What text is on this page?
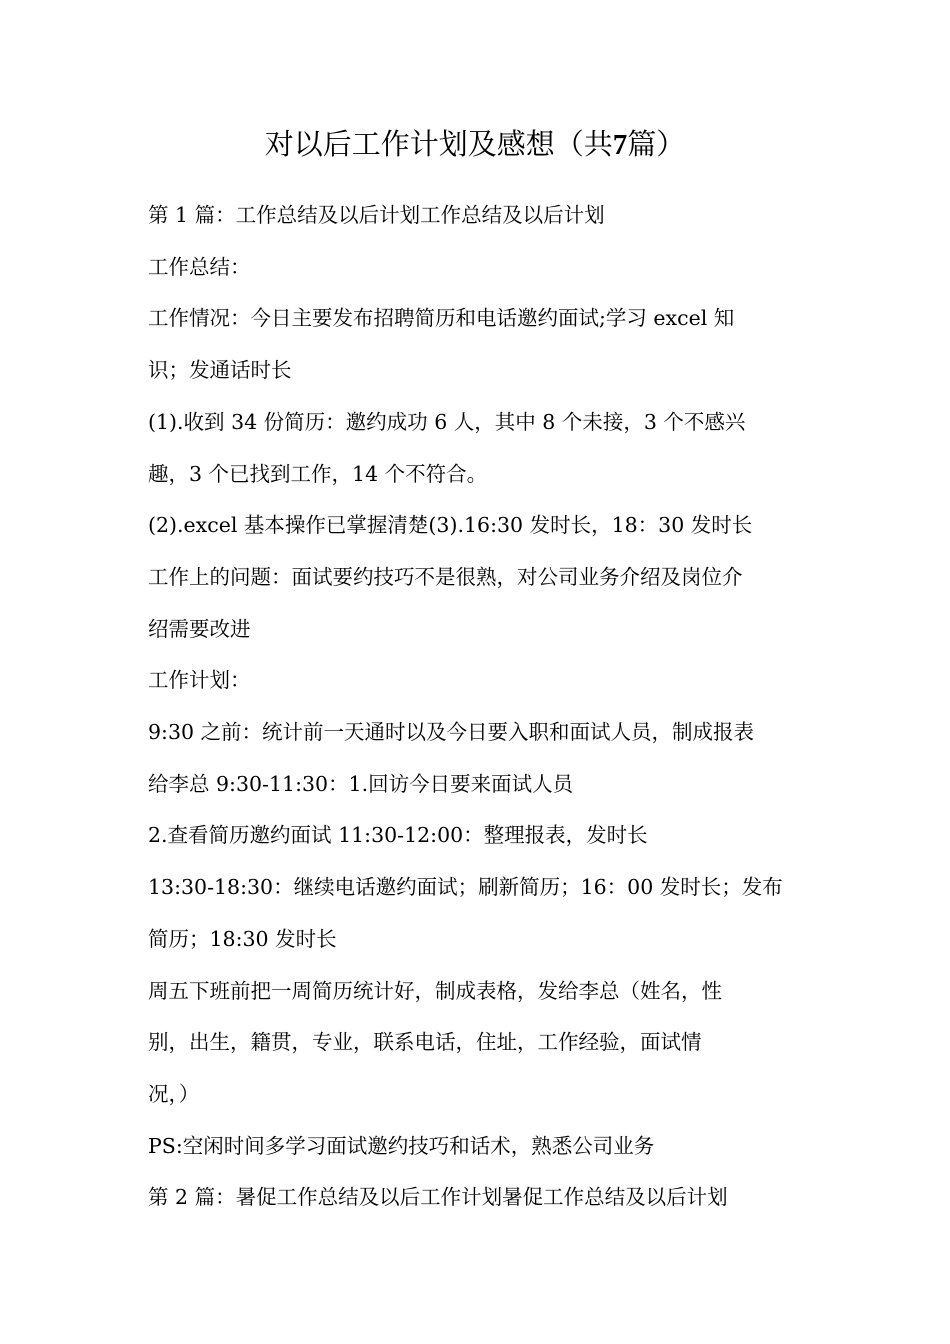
对以后工作计划及感想（共7篇）

第 1 篇：工作总结及以后计划工作总结及以后计划

工作总结：

工作情况：今日主要发布招聘简历和电话邀约面试;学习 excel 知

识；发通话时长

(1).收到 34 份简历：邀约成功 6 人，其中 8 个未接，3 个不感兴

趣，3 个已找到工作，14 个不符合。

(2).excel 基本操作已掌握清楚(3).16:30 发时长，18：30 发时长

工作上的问题：面试要约技巧不是很熟，对公司业务介绍及岗位介

绍需要改进

工作计划：

9:30 之前：统计前一天通时以及今日要入职和面试人员，制成报表

给李总 9:30-11:30：1.回访今日要来面试人员

2.查看简历邀约面试 11:30-12:00：整理报表，发时长

13:30-18:30：继续电话邀约面试；刷新简历；16：00 发时长；发布

简历；18:30 发时长

周五下班前把一周简历统计好，制成表格，发给李总（姓名，性

别，出生，籍贯，专业，联系电话，住址，工作经验，面试情

况，）

PS:空闲时间多学习面试邀约技巧和话术，熟悉公司业务

第 2 篇：暑促工作总结及以后工作计划暑促工作总结及以后计划
